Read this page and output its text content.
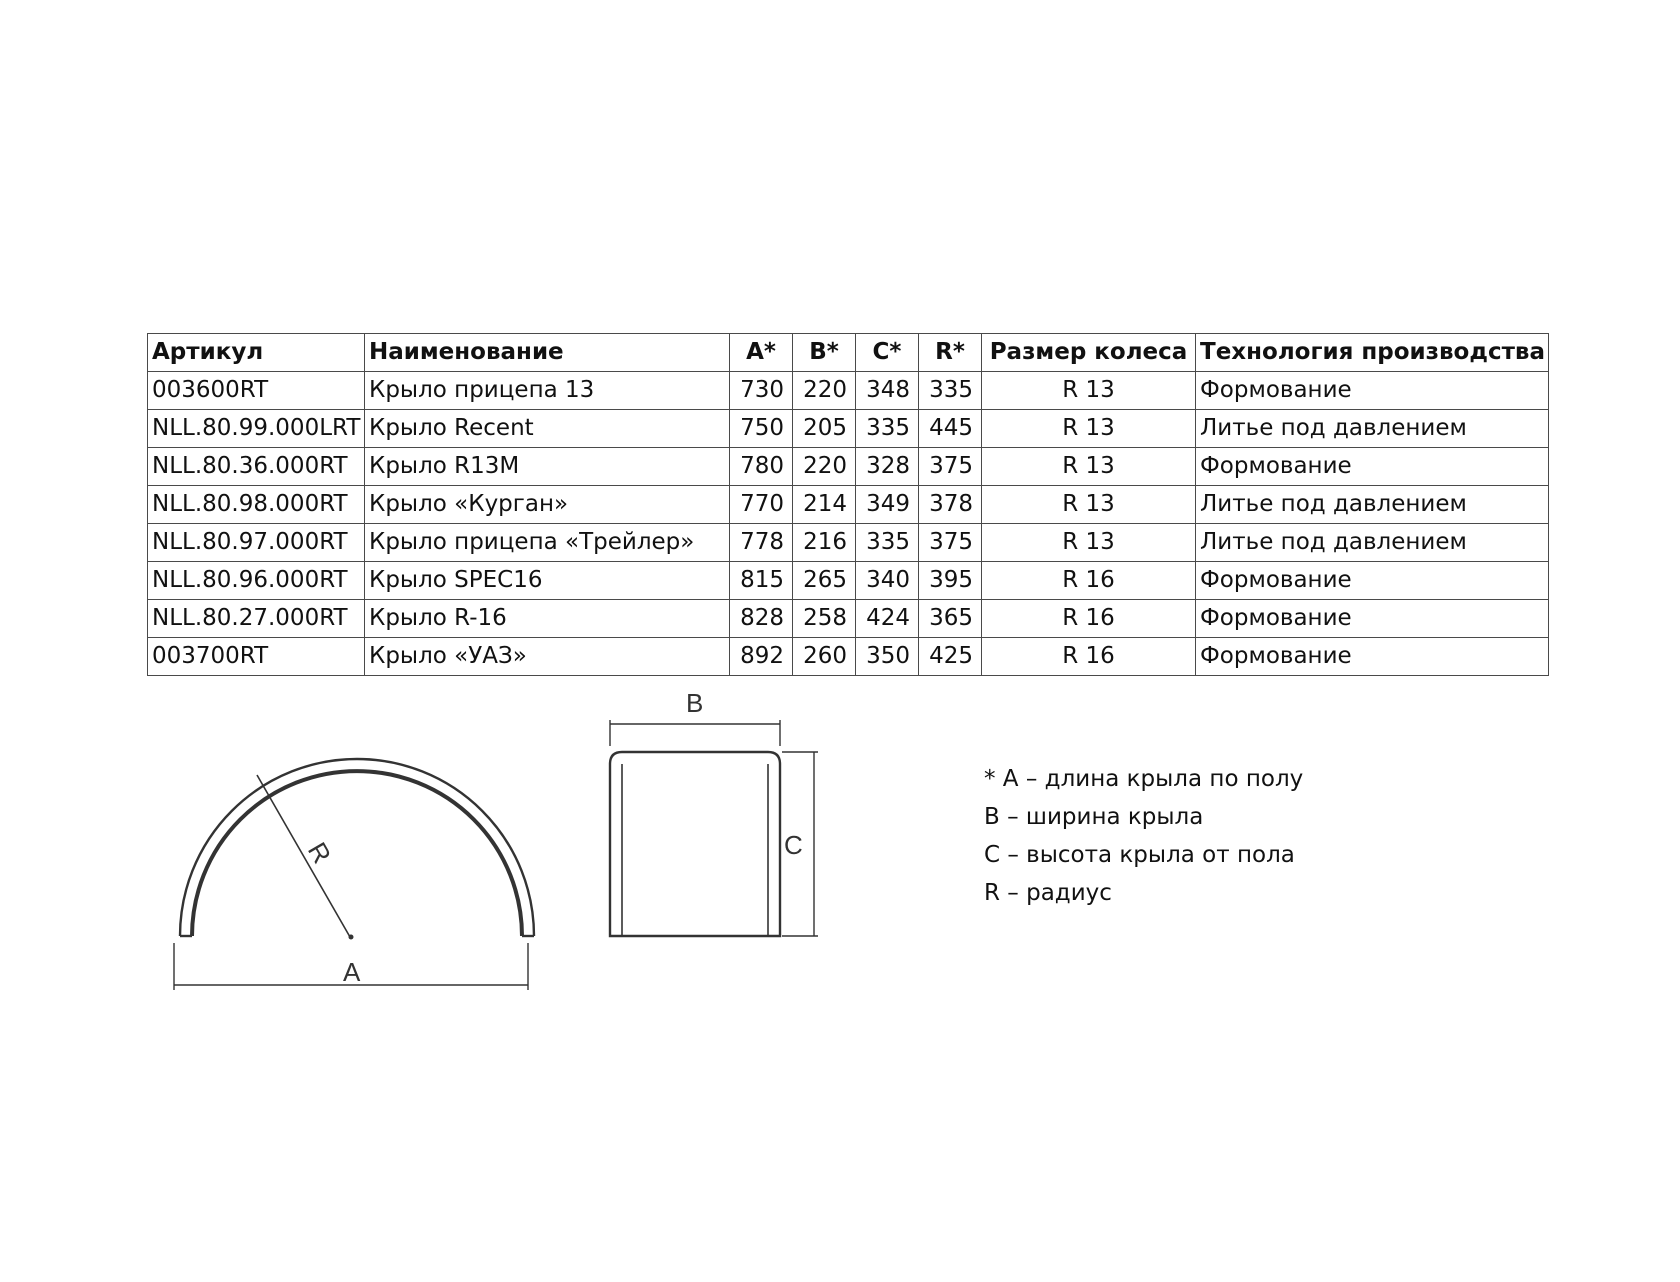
Артикул	Наименование	A*	B*	C*	R*	Размер колеса	Технология производства
003600RT	Крыло прицепа 13	730	220	348	335	R 13	Формование
NLL.80.99.000LRT	Крыло Recent	750	205	335	445	R 13	Литье под давлением
NLL.80.36.000RT	Крыло R13M	780	220	328	375	R 13	Формование
NLL.80.98.000RT	Крыло «Курган»	770	214	349	378	R 13	Литье под давлением
NLL.80.97.000RT	Крыло прицепа «Трейлер»	778	216	335	375	R 13	Литье под давлением
NLL.80.96.000RT	Крыло SPEC16	815	265	340	395	R 16	Формование
NLL.80.27.000RT	Крыло R-16	828	258	424	365	R 16	Формование
003700RT	Крыло «УАЗ»	892	260	350	425	R 16	Формование
R
A
B
C
* A – длина крыла по полу
B – ширина крыла
C – высота крыла от пола
R – радиус
